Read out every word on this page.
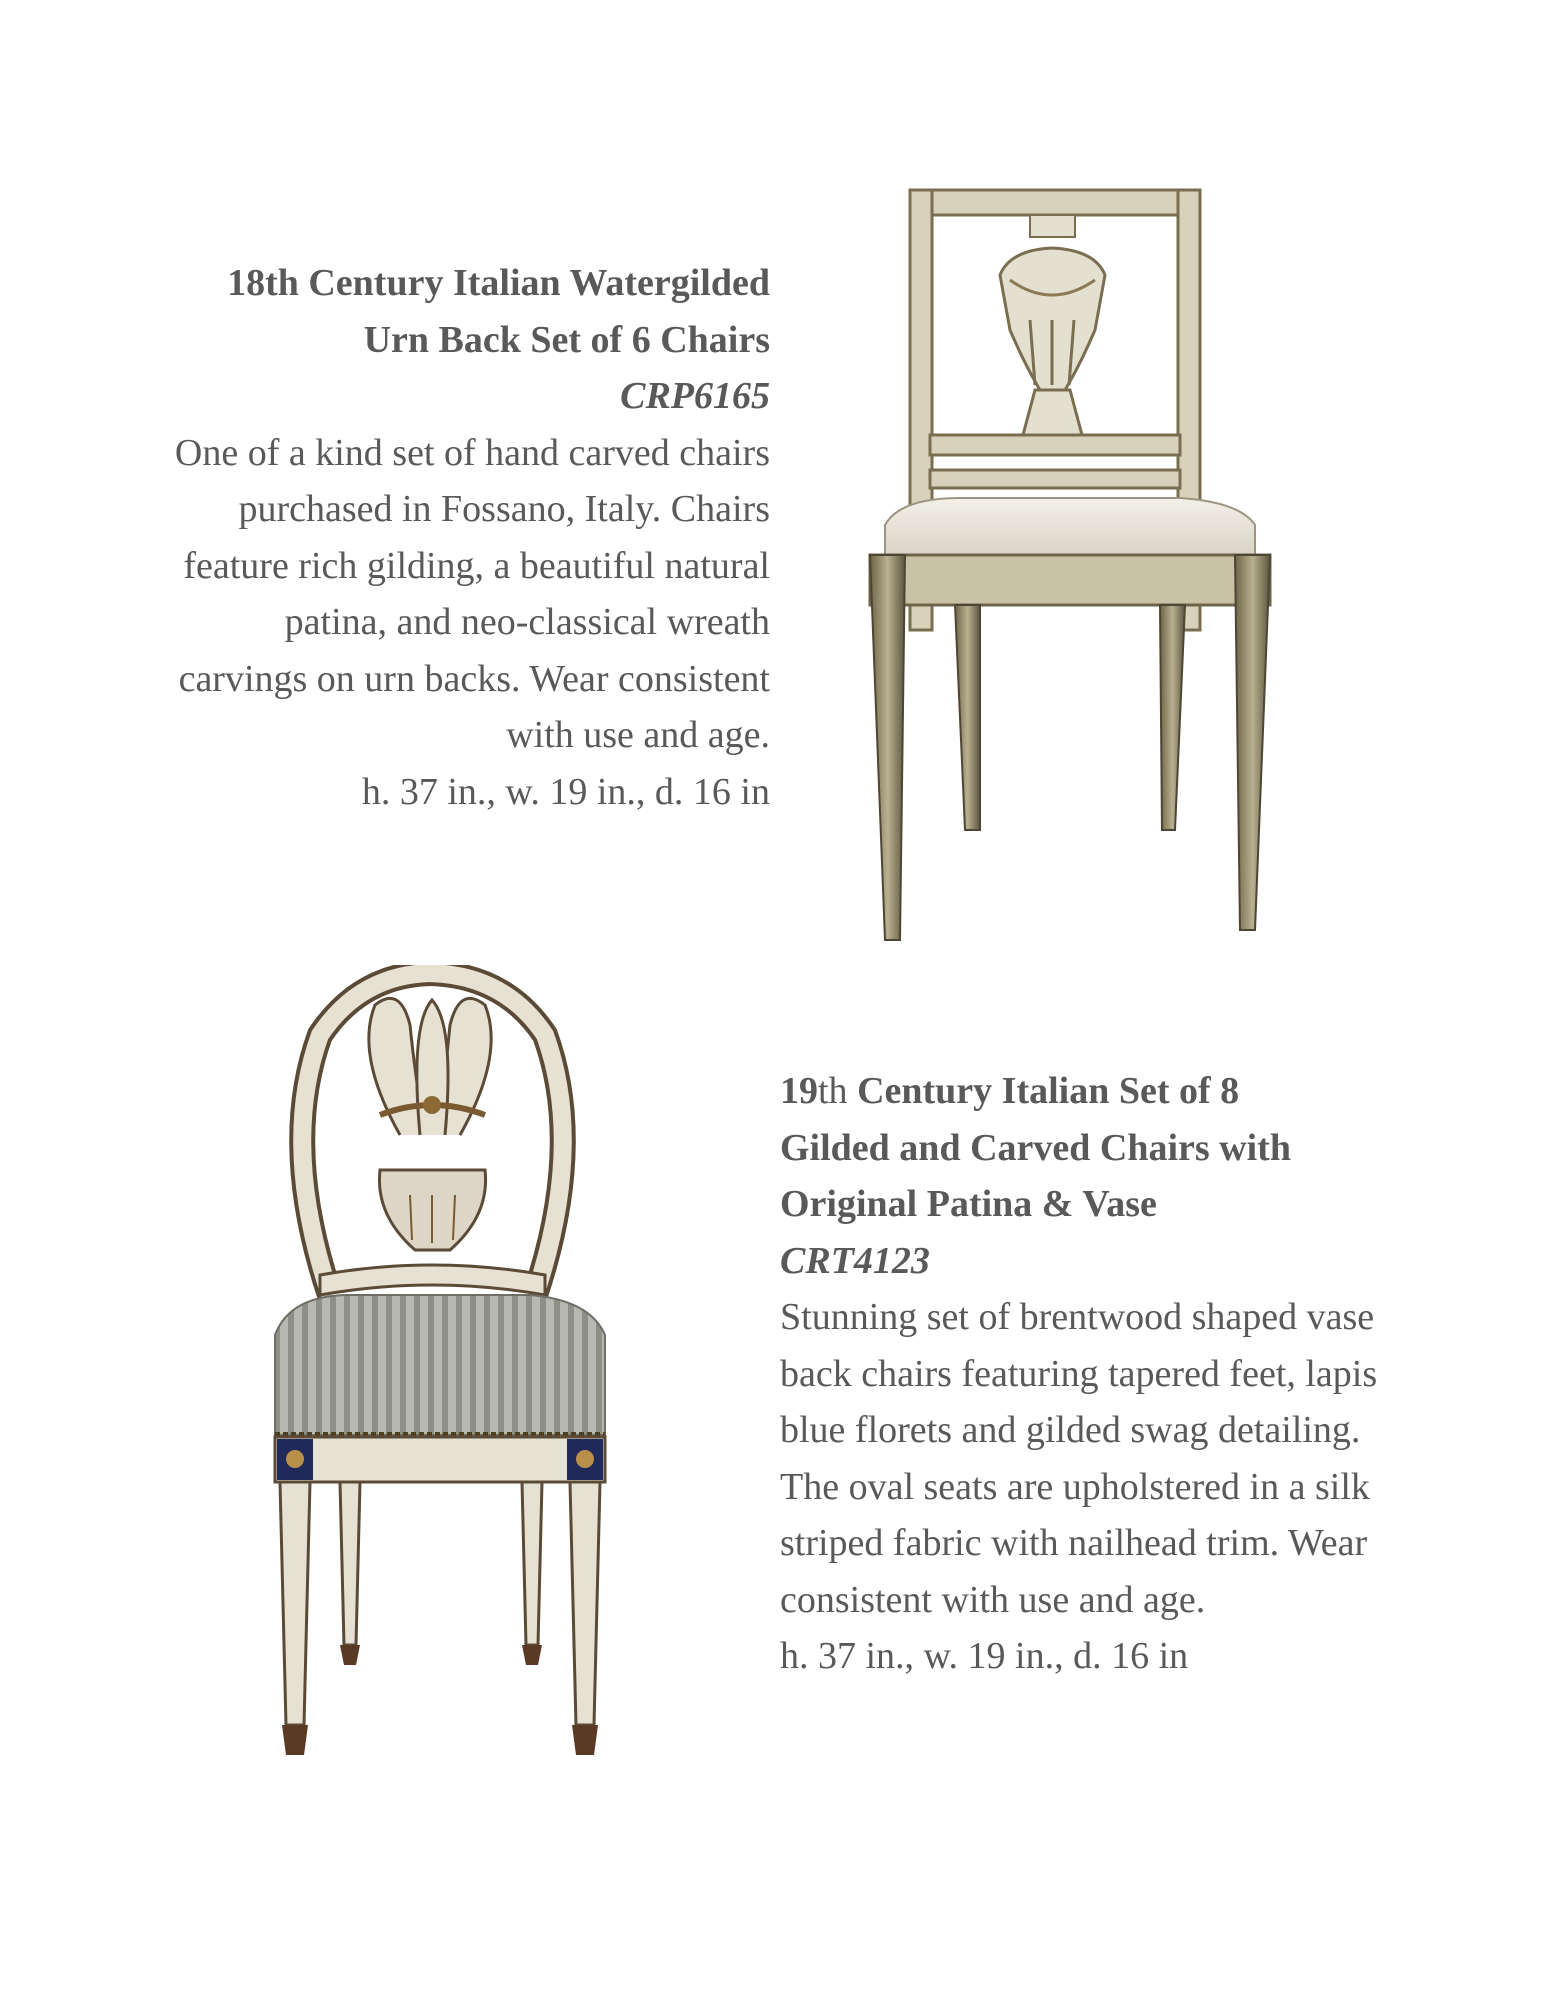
18th Century Italian Watergilded
Urn Back Set of 6 Chairs
CRP6165
One of a kind set of hand carved chairs purchased in Fossano, Italy. Chairs feature rich gilding, a beautiful natural patina, and neo-classical wreath carvings on urn backs. Wear consistent with use and age.
h. 37 in., w. 19 in., d. 16 in
19th Century Italian Set of 8
Gilded and Carved Chairs with
Original Patina & Vase
CRT4123
Stunning set of brentwood shaped vase back chairs featuring tapered feet, lapis blue florets and gilded swag detailing. The oval seats are upholstered in a silk striped fabric with nailhead trim. Wear consistent with use and age.
h. 37 in., w. 19 in., d. 16 in
